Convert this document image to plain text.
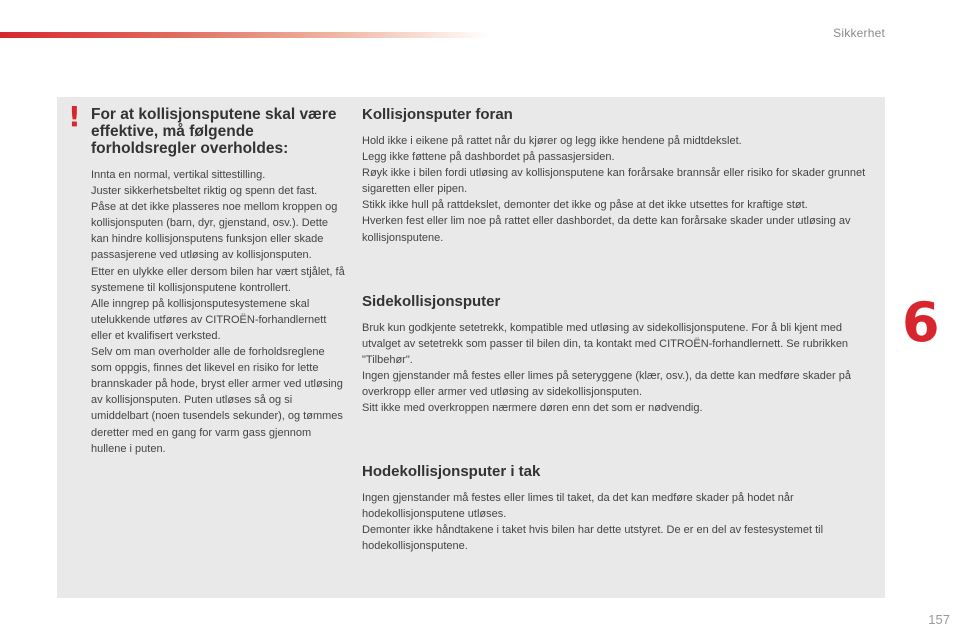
Sikkerhet
6
! For at kollisjonsputene skal være effektive, må følgende forholdsregler overholdes:
Innta en normal, vertikal sittestilling.
Juster sikkerhetsbeltet riktig og spenn det fast.
Påse at det ikke plasseres noe mellom kroppen og kollisjonsputen (barn, dyr, gjenstand, osv.). Dette kan hindre kollisjonsputens funksjon eller skade passasjerene ved utløsing av kollisjonsputen.
Etter en ulykke eller dersom bilen har vært stjålet, få systemene til kollisjonsputene kontrollert.
Alle inngrep på kollisjonsputesystemene skal utelukkende utføres av CITROËN-forhandlernett eller et kvalifisert verksted.
Selv om man overholder alle de forholdsreglene som oppgis, finnes det likevel en risiko for lette brannskader på hode, bryst eller armer ved utløsing av kollisjonsputen. Puten utløses så og si umiddelbart (noen tusendels sekunder), og tømmes deretter med en gang for varm gass gjennom hullene i puten.
Kollisjonsputer foran
Hold ikke i eikene på rattet når du kjører og legg ikke hendene på midtdekslet.
Legg ikke føttene på dashbordet på passasjersiden.
Røyk ikke i bilen fordi utløsing av kollisjonsputene kan forårsake brannsår eller risiko for skader grunnet sigaretten eller pipen.
Stikk ikke hull på rattdekslet, demonter det ikke og påse at det ikke utsettes for kraftige støt.
Hverken fest eller lim noe på rattet eller dashbordet, da dette kan forårsake skader under utløsing av kollisjonsputene.
Sidekollisjonsputer
Bruk kun godkjente setetrekk, kompatible med utløsing av sidekollisjonsputene. For å bli kjent med utvalget av setetrekk som passer til bilen din, ta kontakt med CITROËN-forhandlernett. Se rubrikken "Tilbehør".
Ingen gjenstander må festes eller limes på seteryggene (klær, osv.), da dette kan medføre skader på overkropp eller armer ved utløsing av sidekollisjonsputen.
Sitt ikke med overkroppen nærmere døren enn det som er nødvendig.
Hodekollisjonsputer i tak
Ingen gjenstander må festes eller limes til taket, da det kan medføre skader på hodet når hodekollisjonsputene utløses.
Demonter ikke håndtakene i taket hvis bilen har dette utstyret. De er en del av festesystemet til hodekollisjonsputene.
157
